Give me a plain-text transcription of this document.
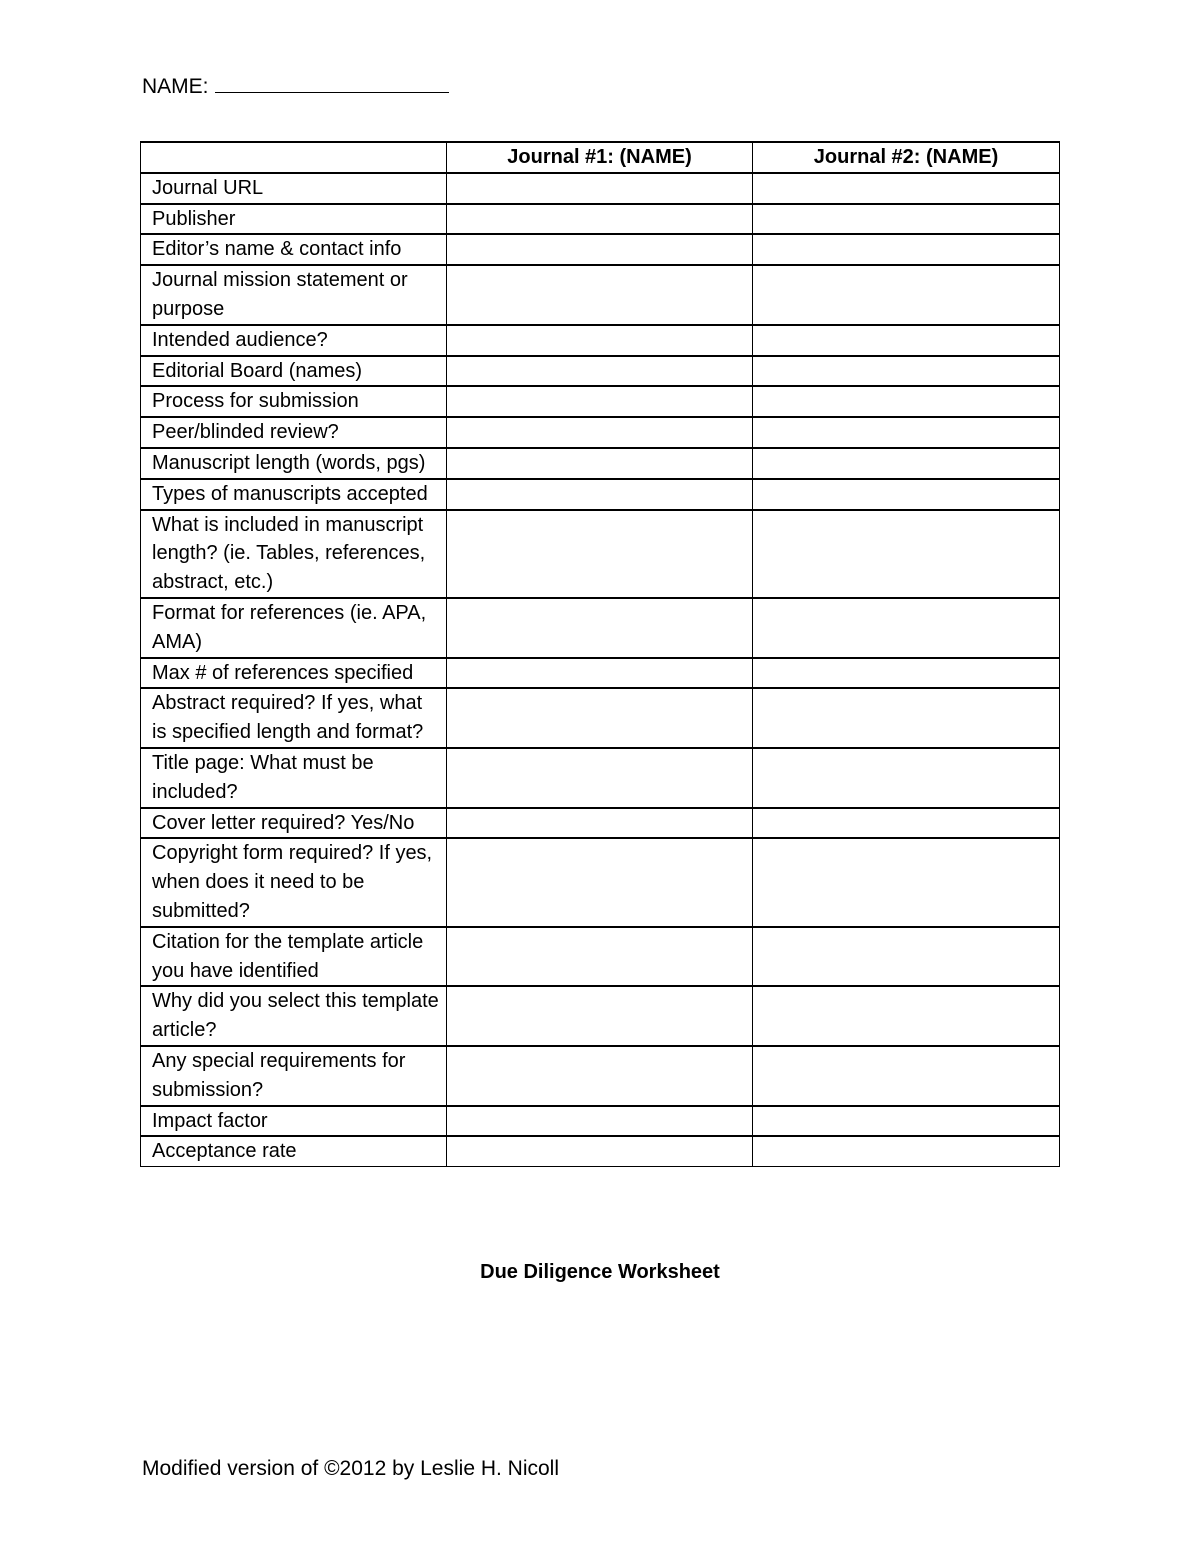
NAME:
	Journal #1: (NAME)	Journal #2: (NAME)
Journal URL		
Publisher		
Editor’s name & contact info		
Journal mission statement or purpose		
Intended audience?		
Editorial Board (names)		
Process for submission		
Peer/blinded review?		
Manuscript length (words, pgs)		
Types of manuscripts accepted		
What is included in manuscript length? (ie. Tables, references, abstract, etc.)		
Format for references (ie. APA, AMA)		
Max # of references specified		
Abstract required? If yes, what is specified length and format?		
Title page: What must be included?		
Cover letter required? Yes/No		
Copyright form required? If yes, when does it need to be submitted?		
Citation for the template article you have identified		
Why did you select this template article?		
Any special requirements for submission?		
Impact factor		
Acceptance rate		
Due Diligence Worksheet
Modified version of ©2012 by Leslie H. Nicoll
